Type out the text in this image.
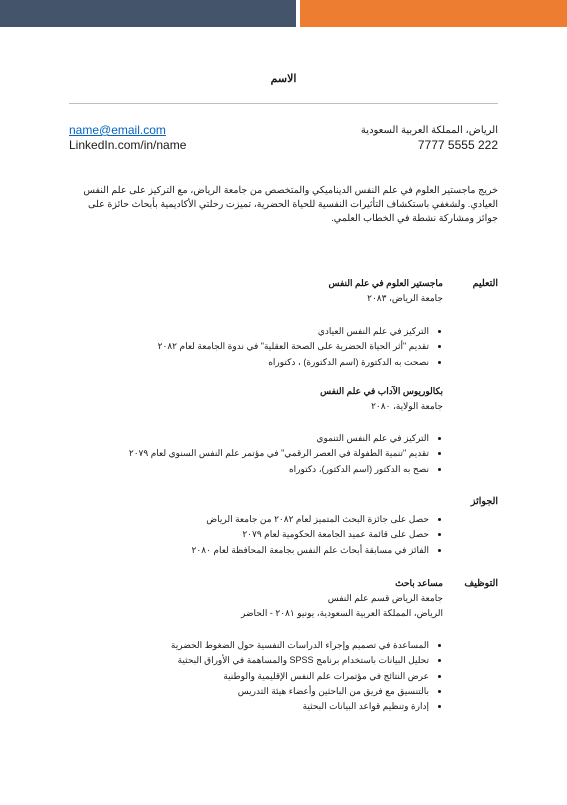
الاسم
name@email.com
LinkedIn.com/in/name
الرياض، المملكة العربية السعودية
222 5555 7777
خريج ماجستير العلوم في علم النفس الديناميكي والمتخصص من جامعة الرياض، مع التركيز على علم النفس العيادي. ولشغفي باستكشاف التأثيرات النفسية للحياة الحضرية، تميزت رحلتي الأكاديمية بأبحاث حائزة على جوائز ومشاركة نشطة في الخطاب العلمي.
التعليم
ماجستير العلوم في علم النفس
جامعة الرياض، ٢٠٨٣
• التركيز في علم النفس العيادي
• تقديم "أثر الحياة الحضرية على الصحة العقلية" في ندوة الجامعة لعام ٢٠٨٢
• نصحت به الدكتورة (اسم الدكتورة) ، دكتوراه
بكالوريوس الآداب في علم النفس
جامعة الولاية، ٢٠٨٠
• التركيز في علم النفس التنموي
• تقديم "تنمية الطفولة في العصر الرقمي" في مؤتمر علم النفس السنوي لعام ٢٠٧٩
• نصح به الدكتور (اسم الدكتور)، دكتوراه
الجوائز
• حصل على جائزة البحث المتميز لعام ٢٠٨٢ من جامعة الرياض
• حصل على قائمة عميد الجامعة الحكومية لعام ٢٠٧٩
• الفائز في مسابقة أبحاث علم النفس بجامعة المحافظة لعام ٢٠٨٠
التوظيف
مساعد باحث
جامعة الرياض قسم علم النفس
الرياض، المملكة العربية السعودية، يونيو ٢٠٨١ - الحاضر
• المساعدة في تصميم وإجراء الدراسات النفسية حول الضغوط الحضرية
• تحليل البيانات باستخدام برنامج SPSS والمساهمة في الأوراق البحثية
• عرض النتائج في مؤتمرات علم النفس الإقليمية والوطنية
• بالتنسيق مع فريق من الباحثين وأعضاء هيئة التدريس
• إدارة وتنظيم قواعد البيانات البحثية
